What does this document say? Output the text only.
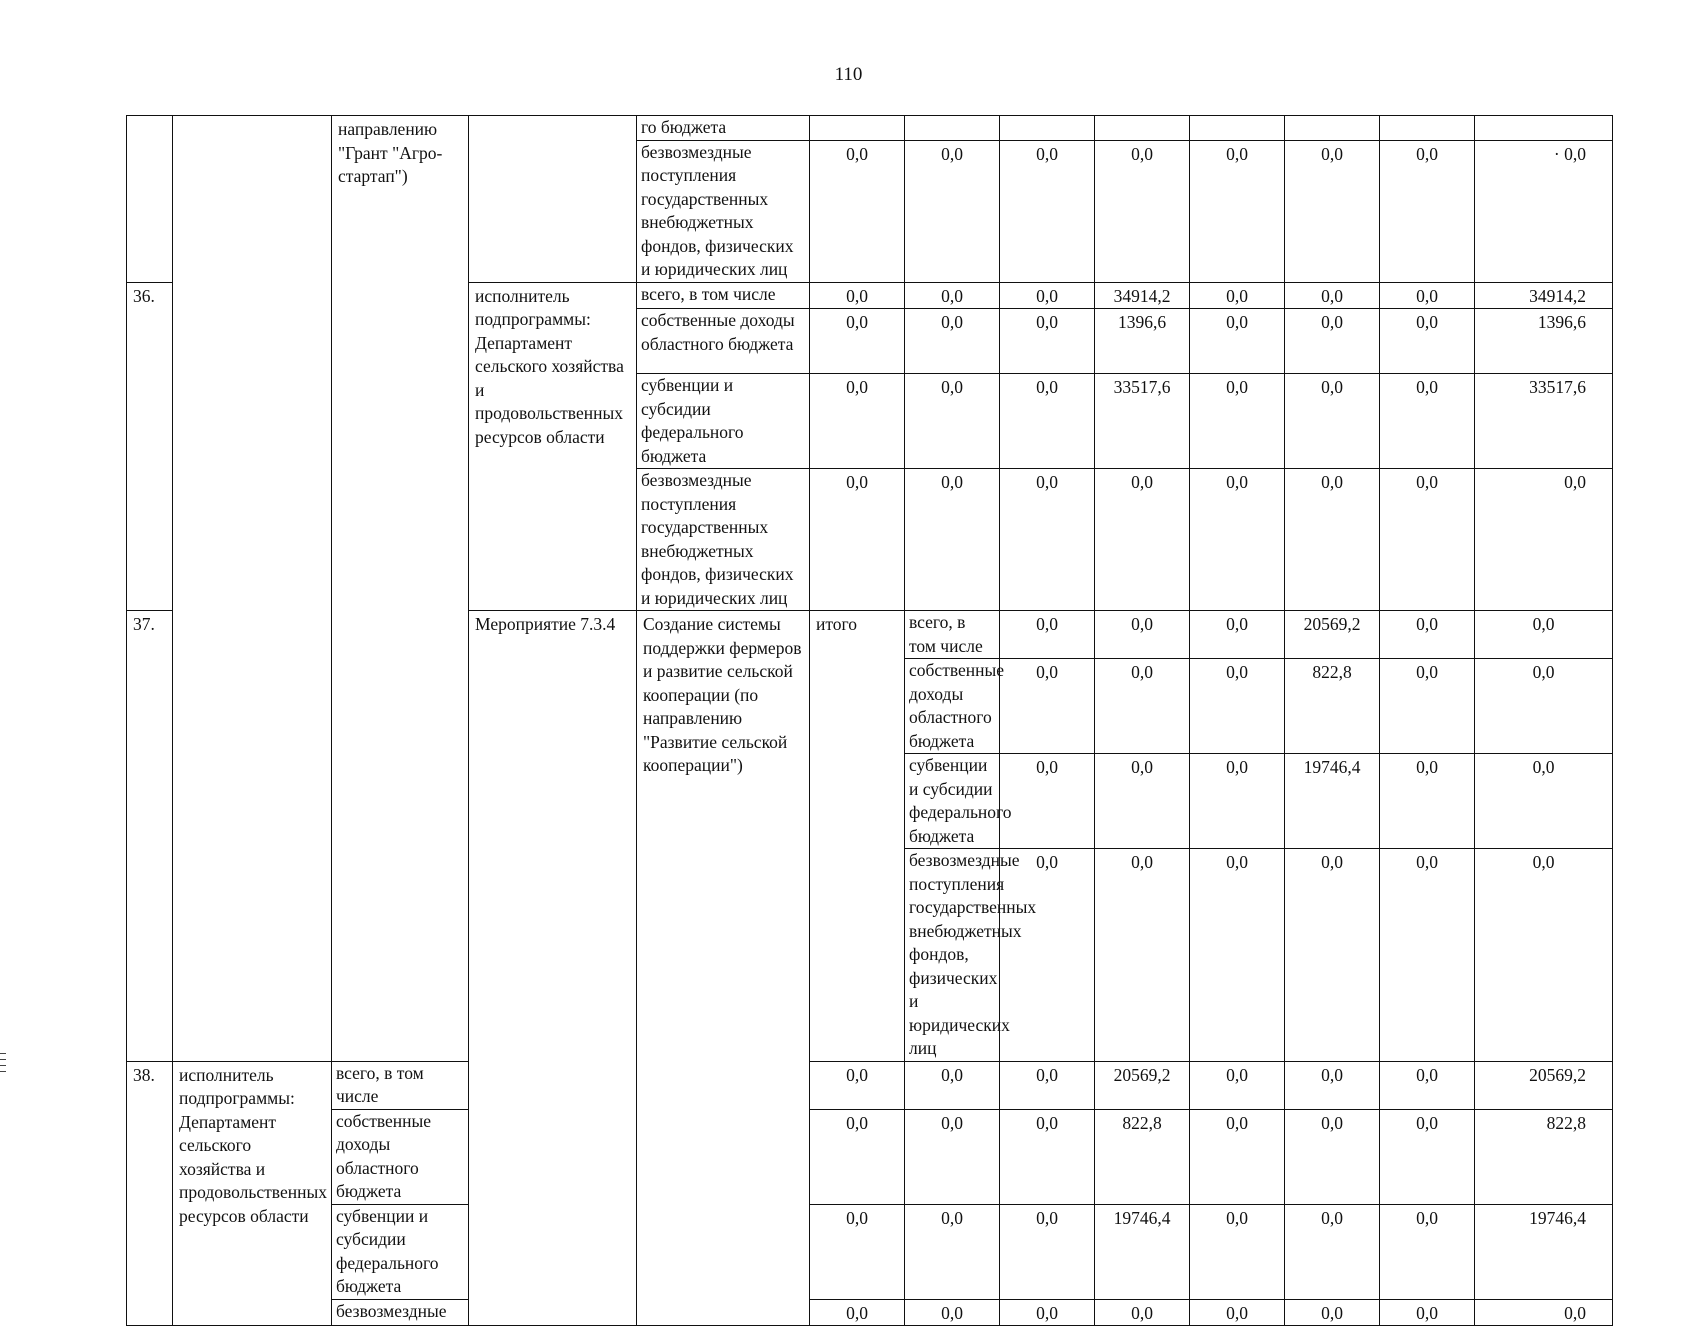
110
		направлению "Грант "Агро-стартап")		го бюджета									
				безвозмездные поступления государственных внебюджетных фондов, физических и юридических лиц	0,0	0,0	0,0	0,0	0,0	0,0	0,0	· 0,0	
36.			исполнитель подпрограммы: Департамент сельского хозяйства и продовольственных ресурсов области	всего, в том числе	0,0	0,0	0,0	34914,2	0,0	0,0	0,0	34914,2	
				собственные доходы областного бюджета	0,0	0,0	0,0	1396,6	0,0	0,0	0,0	1396,6	
				субвенции и субсидии федерального бюджета	0,0	0,0	0,0	33517,6	0,0	0,0	0,0	33517,6	
				безвозмездные поступления государственных внебюджетных фондов, физических и юридических лиц	0,0	0,0	0,0	0,0	0,0	0,0	0,0	0,0	
37.			Мероприятие 7.3.4	Создание системы поддержки фермеров и развитие сельской кооперации (по направлению "Развитие сельской кооперации")	итого	всего, в том числе	0,0	0,0	0,0	20569,2	0,0	0,0		
						собственные доходы областного бюджета	0,0	0,0	0,0	822,8	0,0	0,0		
						субвенции и субсидии федерального бюджета	0,0	0,0	0,0	19746,4	0,0	0,0		
						безвозмездные поступления государственных внебюджетных фондов, физических и юридических лиц	0,0	0,0	0,0	0,0	0,0	0,0		
38.	исполнитель подпрограммы: Департамент сельского хозяйства и продовольственных ресурсов области	всего, в том числе			0,0	0,0	0,0	20569,2	0,0	0,0	0,0	20569,2	
		собственные доходы областного бюджета			0,0	0,0	0,0	822,8	0,0	0,0	0,0	822,8	
		субвенции и субсидии федерального бюджета			0,0	0,0	0,0	19746,4	0,0	0,0	0,0	19746,4	
		безвозмездные			0,0	0,0	0,0	0,0	0,0	0,0	0,0	0,0	
